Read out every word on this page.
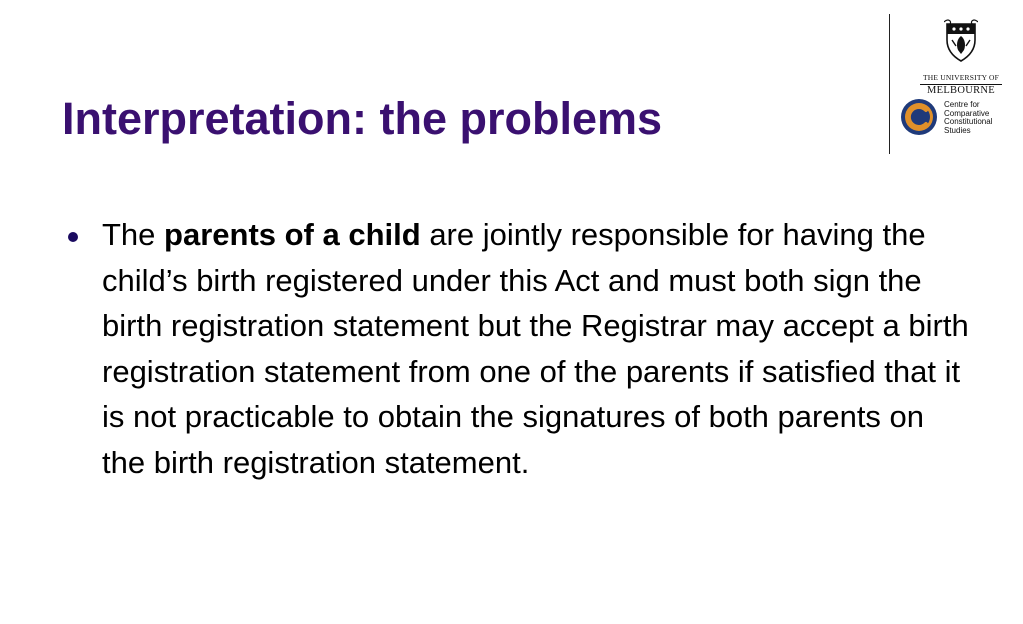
Interpretation: the problems
THE UNIVERSITY OF
MELBOURNE
Centre for
Comparative
Constitutional
Studies
The parents of a child are jointly responsible for having the child’s birth registered under this Act and must both sign the birth registration statement but the Registrar may accept a birth registration statement from one of the parents if satisfied that it is not practicable to obtain the signatures of both parents on the birth registration statement.
